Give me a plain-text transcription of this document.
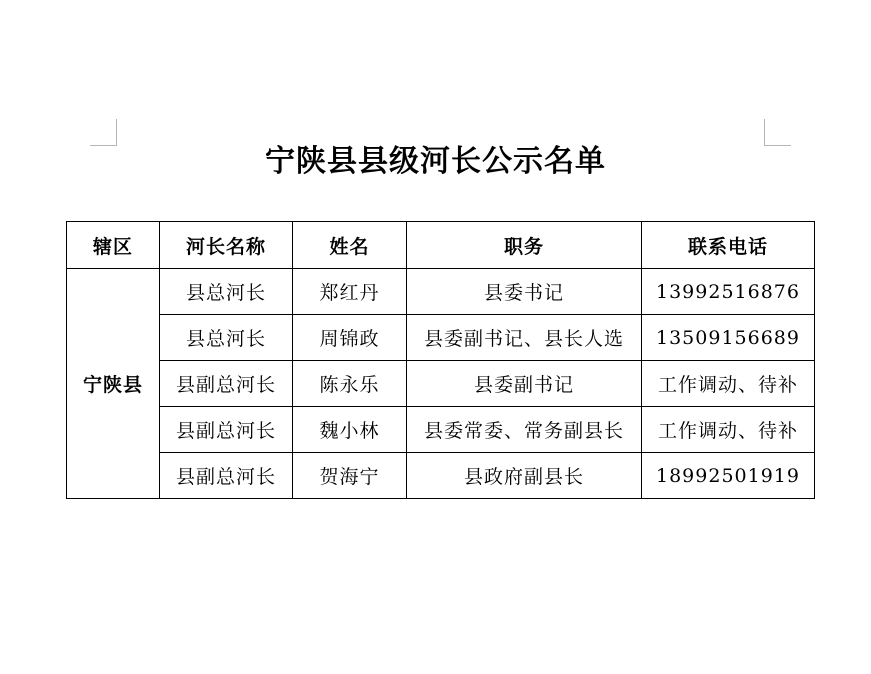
宁陕县县级河长公示名单
辖区	河长名称	姓名	职务	联系电话
宁陕县	县总河长	郑红丹	县委书记	13992516876
	县总河长	周锦政	县委副书记、县长人选	13509156689
	县副总河长	陈永乐	县委副书记	工作调动、待补
	县副总河长	魏小林	县委常委、常务副县长	工作调动、待补
	县副总河长	贺海宁	县政府副县长	18992501919
